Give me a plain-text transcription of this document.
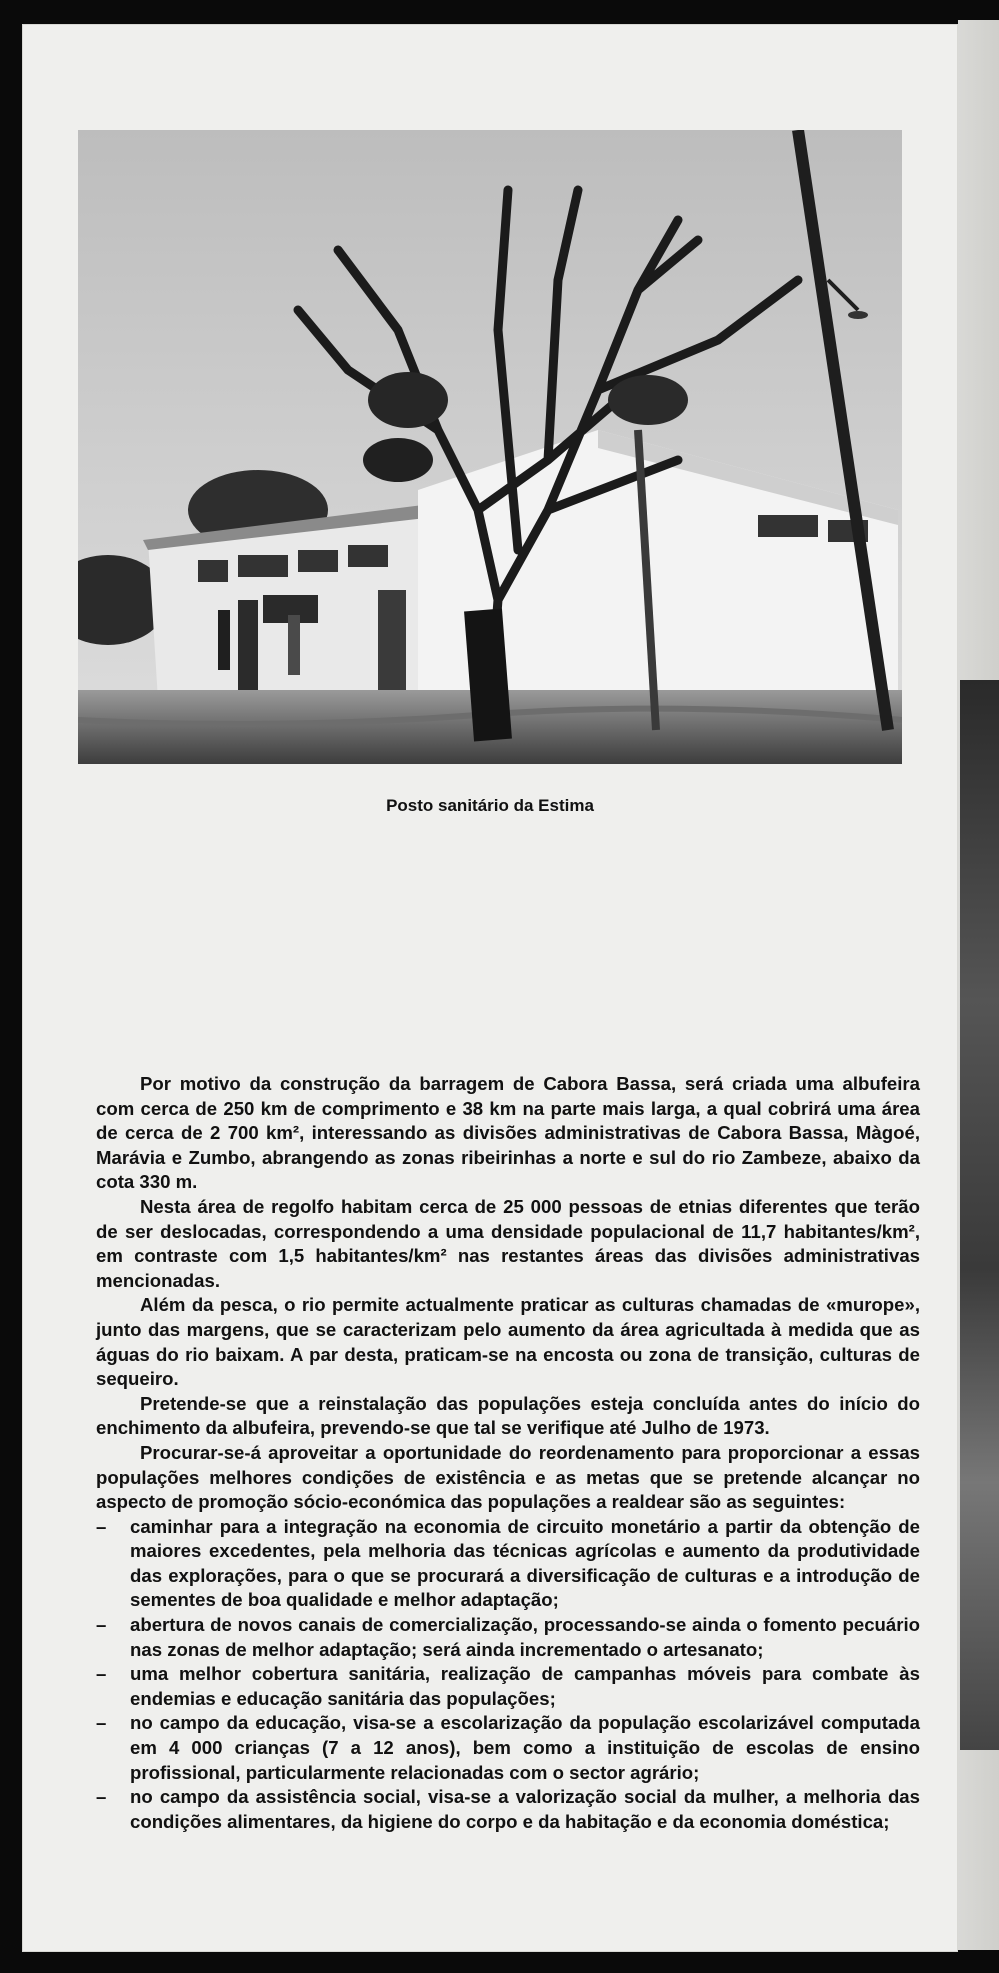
Posto sanitário da Estima

Por motivo da construção da barragem de Cabora Bassa, será criada uma albufeira com cerca de 250 km de comprimento e 38 km na parte mais larga, a qual cobrirá uma área de cerca de 2 700 km², interessando as divisões administrativas de Cabora Bassa, Màgoé, Marávia e Zumbo, abrangendo as zonas ribeirinhas a norte e sul do rio Zambeze, abaixo da cota 330 m.

Nesta área de regolfo habitam cerca de 25 000 pessoas de etnias diferentes que terão de ser deslocadas, correspondendo a uma densidade populacional de 11,7 habitantes/km², em contraste com 1,5 habitantes/km² nas restantes áreas das divisões administrativas mencionadas.

Além da pesca, o rio permite actualmente praticar as culturas chamadas de «murope», junto das margens, que se caracterizam pelo aumento da área agricultada à medida que as águas do rio baixam. A par desta, praticam-se na encosta ou zona de transição, culturas de sequeiro.

Pretende-se que a reinstalação das populações esteja concluída antes do início do enchimento da albufeira, prevendo-se que tal se verifique até Julho de 1973.

Procurar-se-á aproveitar a oportunidade do reordenamento para proporcionar a essas populações melhores condições de existência e as metas que se pretende alcançar no aspecto de promoção sócio-económica das populações a realdear são as seguintes:

– caminhar para a integração na economia de circuito monetário a partir da obtenção de maiores excedentes, pela melhoria das técnicas agrícolas e aumento da produtividade das explorações, para o que se procurará a diversificação de culturas e a introdução de sementes de boa qualidade e melhor adaptação;
– abertura de novos canais de comercialização, processando-se ainda o fomento pecuário nas zonas de melhor adaptação; será ainda incrementado o artesanato;
– uma melhor cobertura sanitária, realização de campanhas móveis para combate às endemias e educação sanitária das populações;
– no campo da educação, visa-se a escolarização da população escolarizável computada em 4 000 crianças (7 a 12 anos), bem como a instituição de escolas de ensino profissional, particularmente relacionadas com o sector agrário;
– no campo da assistência social, visa-se a valorização social da mulher, a melhoria das condições alimentares, da higiene do corpo e da habitação e da economia doméstica;
